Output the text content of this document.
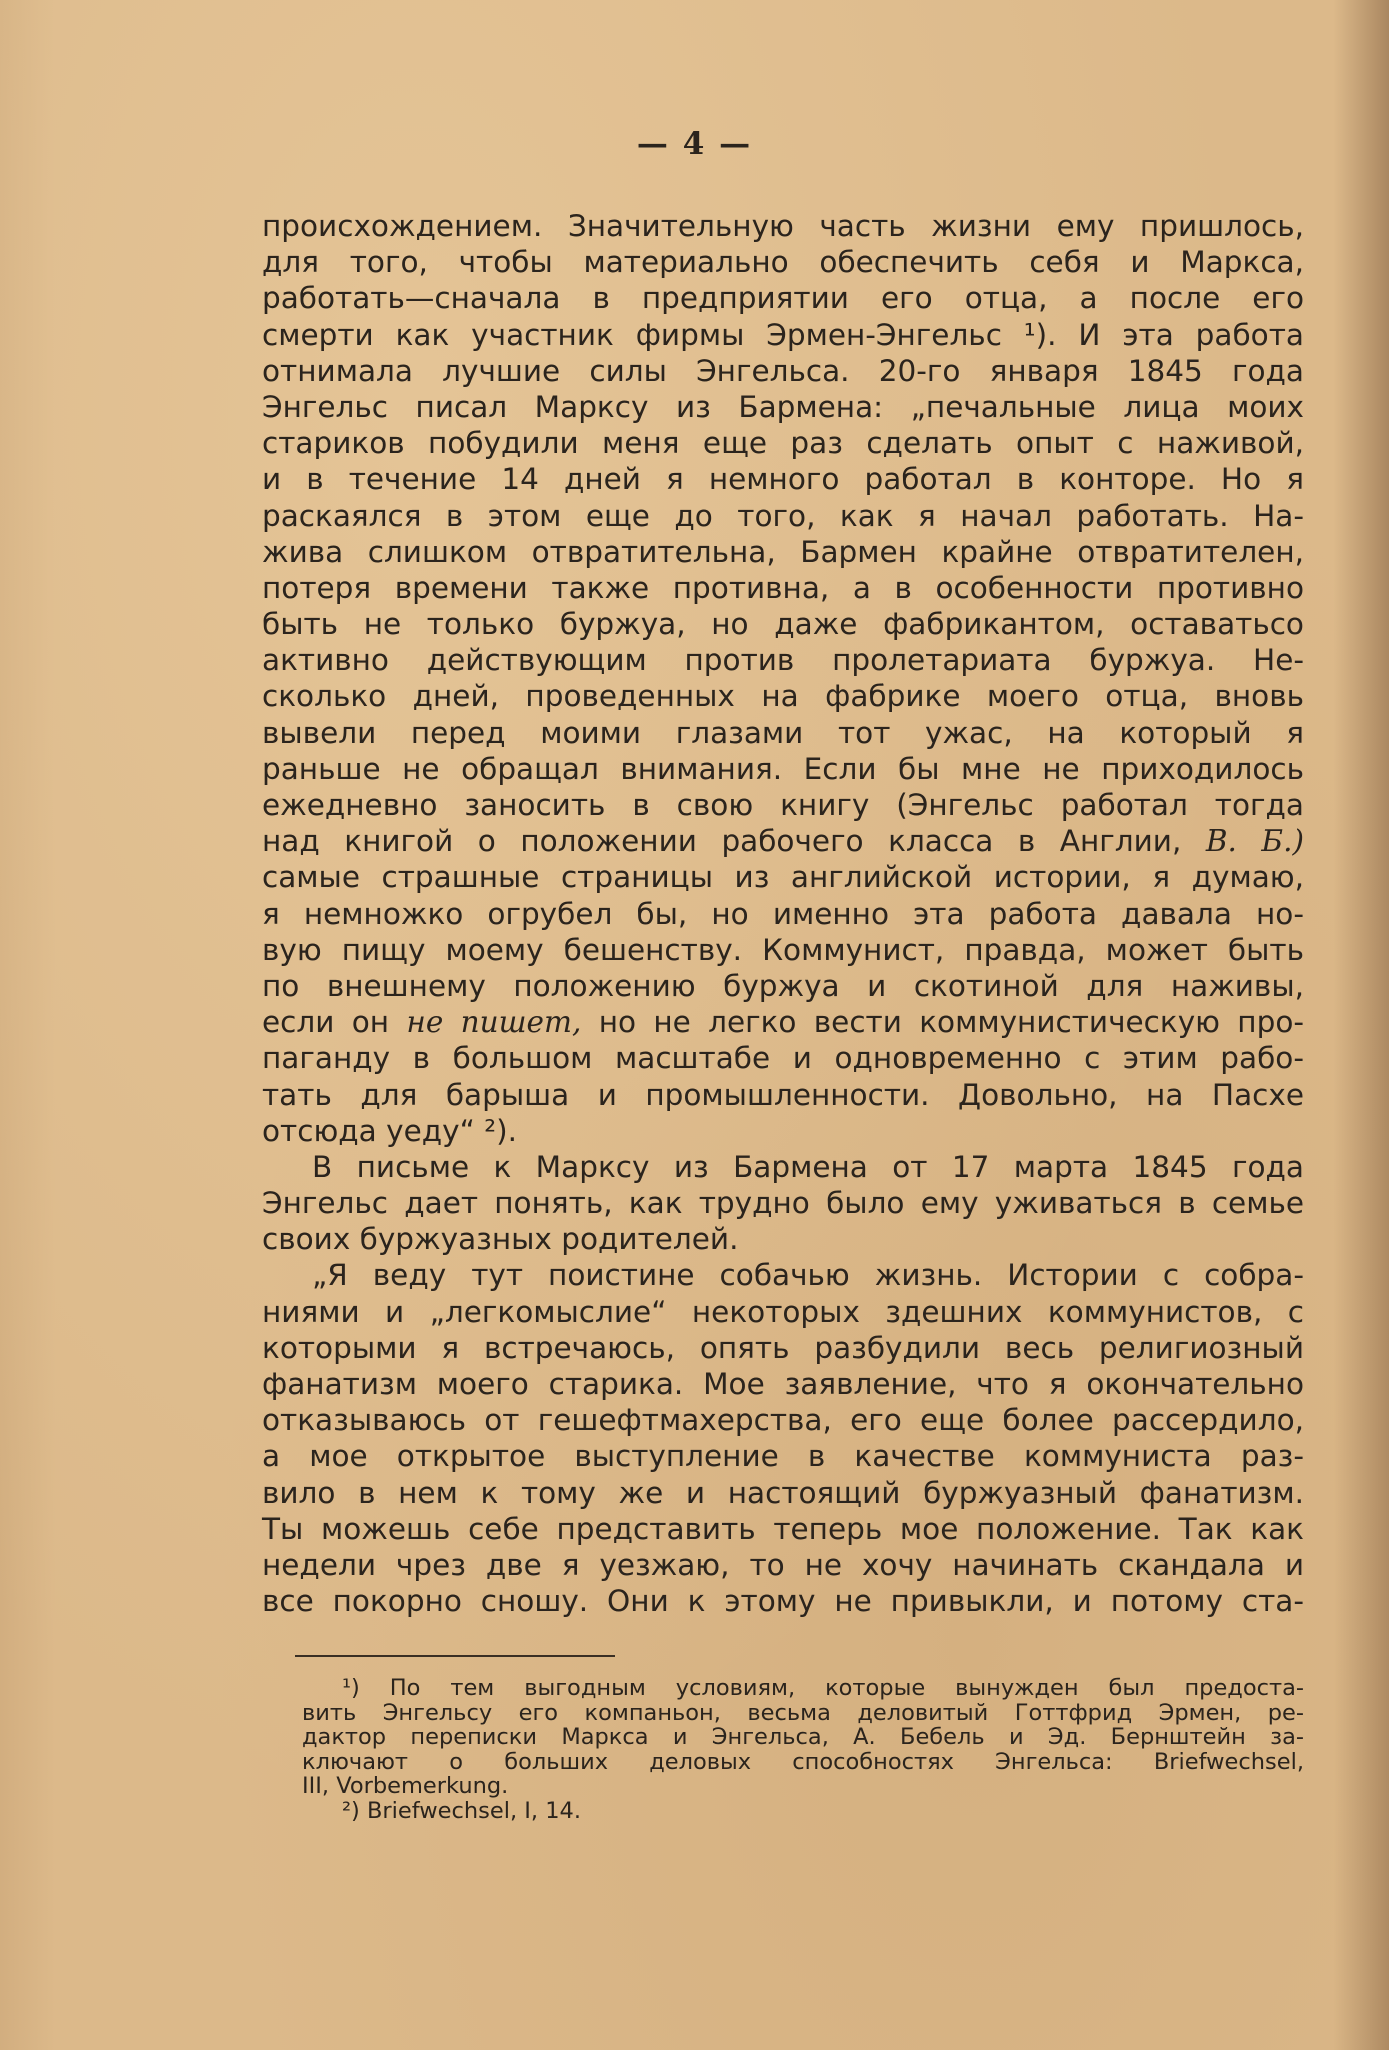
— 4 —
происхождением. Значительную часть жизни ему пришлось,
для того, чтобы материально обеспечить себя и Маркса,
работать—сначала в предприятии его отца, а после его
смерти как участник фирмы Эрмен-Энгельс ¹). И эта работа
отнимала лучшие силы Энгельса. 20-го января 1845 года
Энгельс писал Марксу из Бармена: „печальные лица моих
стариков побудили меня еще раз сделать опыт с наживой,
и в течение 14 дней я немного работал в конторе. Но я
раскаялся в этом еще до того, как я начал работать. На-
жива слишком отвратительна, Бармен крайне отвратителен,
потеря времени также противна, а в особенности противно
быть не только буржуа, но даже фабрикантом, оставатьсо
активно действующим против пролетариата буржуа. Не-
сколько дней, проведенных на фабрике моего отца, вновь
вывели перед моими глазами тот ужас, на который я
раньше не обращал внимания. Если бы мне не приходилось
ежедневно заносить в свою книгу (Энгельс работал тогда
над книгой о положении рабочего класса в Англии, В. Б.)
самые страшные страницы из английской истории, я думаю,
я немножко огрубел бы, но именно эта работа давала но-
вую пищу моему бешенству. Коммунист, правда, может быть
по внешнему положению буржуа и скотиной для наживы,
если он не пишет, но не легко вести коммунистическую про-
паганду в большом масштабе и одновременно с этим рабо-
тать для барыша и промышленности. Довольно, на Пасхе
отсюда уеду“ ²).
В письме к Марксу из Бармена от 17 марта 1845 года
Энгельс дает понять, как трудно было ему уживаться в семье
своих буржуазных родителей.
„Я веду тут поистине собачью жизнь. Истории с собра-
ниями и „легкомыслие“ некоторых здешних коммунистов, с
которыми я встречаюсь, опять разбудили весь религиозный
фанатизм моего старика. Мое заявление, что я окончательно
отказываюсь от гешефтмахерства, его еще более рассердило,
а мое открытое выступление в качестве коммуниста раз-
вило в нем к тому же и настоящий буржуазный фанатизм.
Ты можешь себе представить теперь мое положение. Так как
недели чрез две я уезжаю, то не хочу начинать скандала и
все покорно сношу. Они к этому не привыкли, и потому ста-
¹) По тем выгодным условиям, которые вынужден был предоста-
вить Энгельсу его компаньон, весьма деловитый Готтфрид Эрмен, ре-
дактор переписки Маркса и Энгельса, А. Бебель и Эд. Бернштейн за-
ключают о больших деловых способностях Энгельса: Briefwechsel,
III, Vorbemerkung.
²) Briefwechsel, I, 14.
